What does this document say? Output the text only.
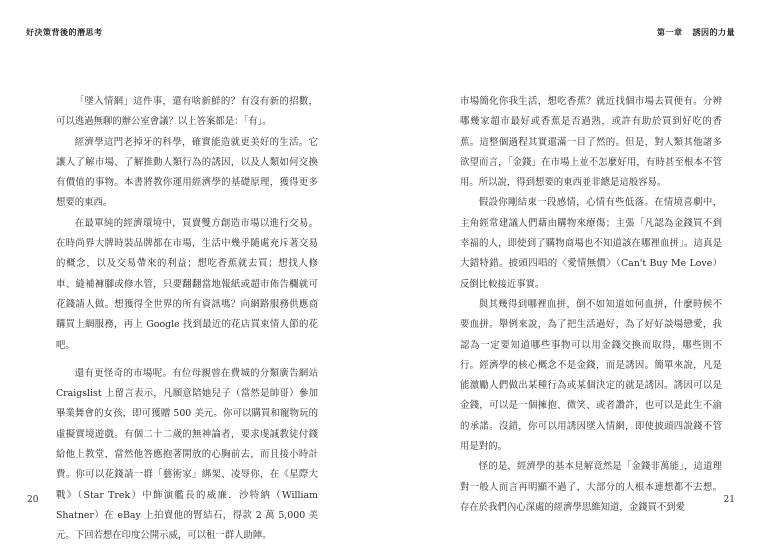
好決策背後的潛思考

「墜入情網」這件事，還有啥新鮮的？有沒有新的招數，可以逃過無聊的辦公室會議？以上答案都是：「有」。

經濟學這門老掉牙的科學，確實能造就更美好的生活。它讓人了解市場、了解推動人類行為的誘因，以及人類如何交換有價值的事物。本書將教你運用經濟學的基礎原理，獲得更多想要的東西。

在最單純的經濟環境中，買賣雙方創造市場以進行交易。在時尚界大牌時裝品牌都在市場，生活中幾乎隨處充斥著交易的概念，以及交易帶來的利益；想吃香蕉就去買；想找人修車、縫補褲腳或修水管，只要翻翻當地報紙或超市佈告欄就可花錢請人做。想獲得全世界的所有資訊嗎？向網路服務供應商購買上網服務，再上 Google 找到最近的花店買束情人節的花吧。

還有更怪奇的市場呢。有位母親曾在費城的分類廣告網站 Craigslist 上留言表示，凡願意陪她兒子（當然是帥哥）參加畢業舞會的女孩，即可獲贈 500 美元。你可以購買和寵物玩的虛擬實境遊戲。有個二十二歲的無神論者，要求虔誠教徒付錢給他上教堂，當然他答應抱著開放的心胸前去，而且接小時計費。你可以花錢請一群「藝術家」綁架、凌辱你，在《星際大戰》（Star Trek）中飾演艦長的威廉．沙特納（William Shatner）在 eBay 上拍賣他的腎結石，得款 2 萬 5,000 美元。下回若想在印度公開示威，可以租一群人助陣。

20
第一章 誘因的力量

市場簡化你我生活，想吃香蕉？就近找個市場去買便有。分辨哪幾家超市最好或香蕉是否過熟，或許有助於買到好吃的香蕉。這整個過程其實還滿一目了然的。但是，對人類其他諸多欲望而言，「金錢」在市場上並不怎麼好用，有時甚至根本不管用。所以說，得到想要的東西並非總是這般容易。

假設你剛結束一段感情，心情有些低落。在情境喜劇中，主角經常建議人們藉由購物來療傷；主張「凡認為金錢買不到幸福的人，即使到了購物商場也不知道該在哪裡血拼」。這真是大錯特錯。披頭四唱的〈愛情無價〉（Can't Buy Me Love）反倒比較接近事實。

與其幾得到哪裡血拼，倒不如知道如何血拼，什麼時候不要血拼。舉例來說，為了把生活過好，為了好好談場戀愛，我認為一定要知道哪些事物可以用金錢交換而取得，哪些則不行。經濟學的核心概念不是金錢，而是誘因。簡單來說，凡是能激勵人們做出某種行為或某個決定的就是誘因。誘因可以是金錢，可以是一個擁抱、微笑、或者讚許，也可以是此生不渝的承諾。沒錯，你可以用誘因墜入情網，即使披頭四說錢不管用是對的。

怪的是，經濟學的基本見解竟然是「金錢非萬能」，這道理對一般人而言再明顯不過了，大部分的人根本連想都不去想。存在於我們內心深處的經濟學思維知道，金錢買不到愛

21
